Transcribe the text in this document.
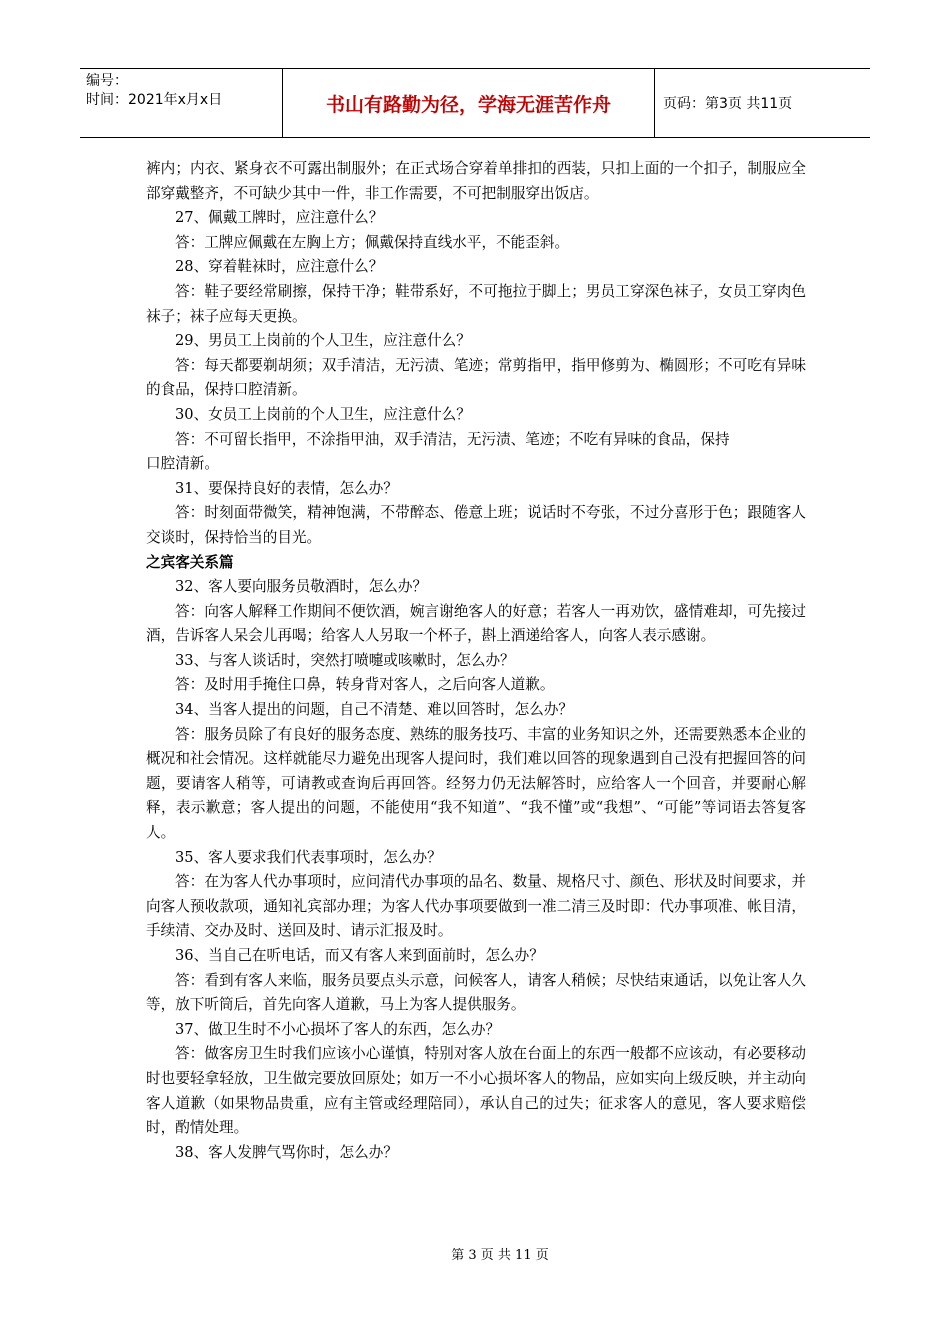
编号：
时间：2021年x月x日	书山有路勤为径，学海无涯苦作舟	页码：第3页 共11页

裤内；内衣、紧身衣不可露出制服外；在正式场合穿着单排扣的西装，只扣上面的一个扣子，制服应全部穿戴整齐，不可缺少其中一件，非工作需要，不可把制服穿出饭店。

27、佩戴工牌时，应注意什么？

答：工牌应佩戴在左胸上方；佩戴保持直线水平，不能歪斜。

28、穿着鞋袜时，应注意什么？

答：鞋子要经常刷擦，保持干净；鞋带系好，不可拖拉于脚上；男员工穿深色袜子，女员工穿肉色袜子；袜子应每天更换。

29、男员工上岗前的个人卫生，应注意什么？

答：每天都要剃胡须；双手清洁，无污渍、笔迹；常剪指甲，指甲修剪为、椭圆形；不可吃有异味的食品，保持口腔清新。

30、女员工上岗前的个人卫生，应注意什么？

答：不可留长指甲，不涂指甲油，双手清洁，无污渍、笔迹；不吃有异味的食品，保持

口腔清新。

31、要保持良好的表情，怎么办？

答：时刻面带微笑，精神饱满，不带醉态、倦意上班；说话时不夸张，不过分喜形于色；跟随客人交谈时，保持恰当的目光。

之宾客关系篇

32、客人要向服务员敬酒时，怎么办？

答：向客人解释工作期间不便饮酒，婉言谢绝客人的好意；若客人一再劝饮，盛情难却，可先接过酒，告诉客人呆会儿再喝；给客人人另取一个杯子，斟上酒递给客人，向客人表示感谢。

33、与客人谈话时，突然打喷嚏或咳嗽时，怎么办？

答：及时用手掩住口鼻，转身背对客人，之后向客人道歉。

34、当客人提出的问题，自己不清楚、难以回答时，怎么办？

答：服务员除了有良好的服务态度、熟练的服务技巧、丰富的业务知识之外，还需要熟悉本企业的概况和社会情况。这样就能尽力避免出现客人提问时，我们难以回答的现象遇到自己没有把握回答的问题，要请客人稍等，可请教或查询后再回答。经努力仍无法解答时，应给客人一个回音，并要耐心解释，表示歉意；客人提出的问题，不能使用“我不知道”、“我不懂”或“我想”、“可能”等词语去答复客人。

35、客人要求我们代表事项时，怎么办？

答：在为客人代办事项时，应问清代办事项的品名、数量、规格尺寸、颜色、形状及时间要求，并向客人预收款项，通知礼宾部办理；为客人代办事项要做到一准二清三及时即：代办事项准、帐目清，手续清、交办及时、送回及时、请示汇报及时。

36、当自己在听电话，而又有客人来到面前时，怎么办？

答：看到有客人来临，服务员要点头示意，问候客人，请客人稍候；尽快结束通话，以免让客人久等，放下听筒后，首先向客人道歉，马上为客人提供服务。

37、做卫生时不小心损坏了客人的东西，怎么办？

答：做客房卫生时我们应该小心谨慎，特别对客人放在台面上的东西一般都不应该动，有必要移动时也要轻拿轻放，卫生做完要放回原处；如万一不小心损坏客人的物品，应如实向上级反映，并主动向客人道歉（如果物品贵重，应有主管或经理陪同），承认自己的过失；征求客人的意见，客人要求赔偿时，酌情处理。

38、客人发脾气骂你时，怎么办？

第 3 页 共 11 页
